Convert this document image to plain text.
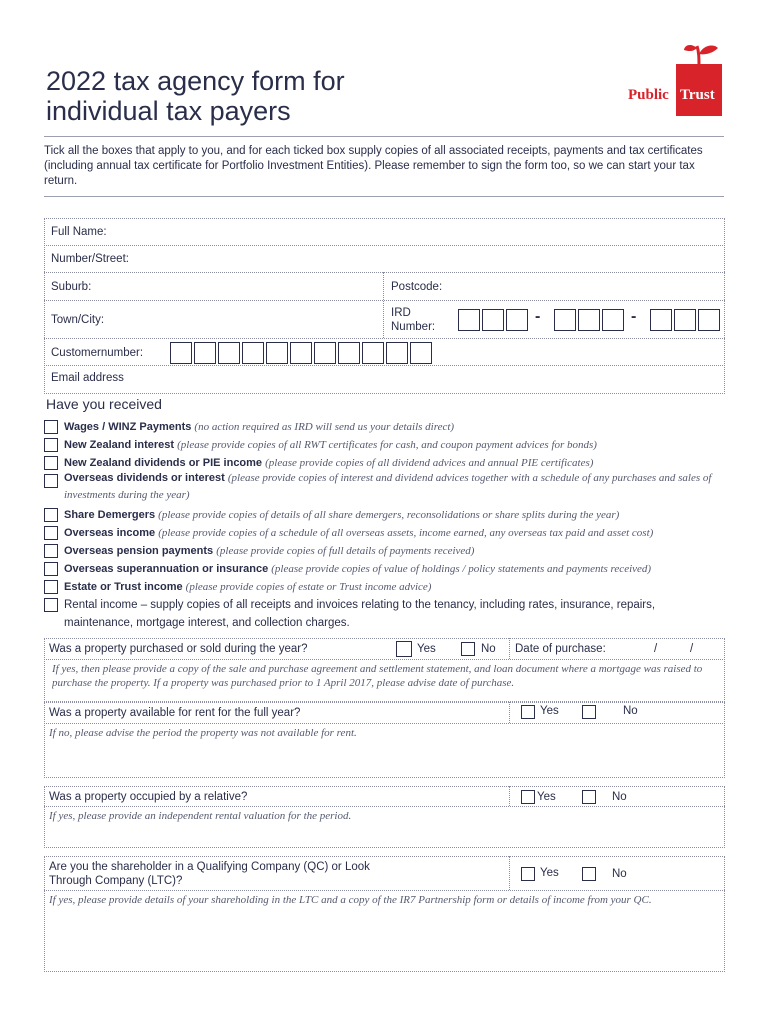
2022 tax agency form for
individual tax payers
Public Trust
Tick all the boxes that apply to you, and for each ticked box supply copies of all associated receipts, payments and tax certificates (including annual tax certificate for Portfolio Investment Entities). Please remember to sign the form too, so we can start your tax return.
Full Name:
Number/Street:
Suburb:	Postcode:
Town/City:
IRD
Number:
-	-
Customernumber:
Email address
Have you received
Wages / WINZ Payments (no action required as IRD will send us your details direct)
New Zealand interest (please provide copies of all RWT certificates for cash, and coupon payment advices for bonds)
New Zealand dividends or PIE income (please provide copies of all dividend advices and annual PIE certificates)
Overseas dividends or interest (please provide copies of interest and dividend advices together with a schedule of any purchases and sales of investments during the year)
Share Demergers (please provide copies of details of all share demergers, reconsolidations or share splits during the year)
Overseas income (please provide copies of a schedule of all overseas assets, income earned, any overseas tax paid and asset cost)
Overseas pension payments (please provide copies of full details of payments received)
Overseas superannuation or insurance (please provide copies of value of holdings / policy statements and payments received)
Estate or Trust income (please provide copies of estate or Trust income advice)
Rental income – supply copies of all receipts and invoices relating to the tenancy, including rates, insurance, repairs, maintenance, mortgage interest, and collection charges.
Was a property purchased or sold during the year?	Yes	No Date of purchase:	/	/
If yes, then please provide a copy of the sale and purchase agreement and settlement statement, and loan document where a mortgage was raised to purchase the property. If a property was purchased prior to 1 April 2017, please advise date of purchase.
Was a property available for rent for the full year?	Yes	No
If no, please advise the period the property was not available for rent.
Was a property occupied by a relative?	Yes	No
If yes, please provide an independent rental valuation for the period.
Are you the shareholder in a Qualifying Company (QC) or Look
Through Company (LTC)?
Yes	No
If yes, please provide details of your shareholding in the LTC and a copy of the IR7 Partnership form or details of income from your QC.
